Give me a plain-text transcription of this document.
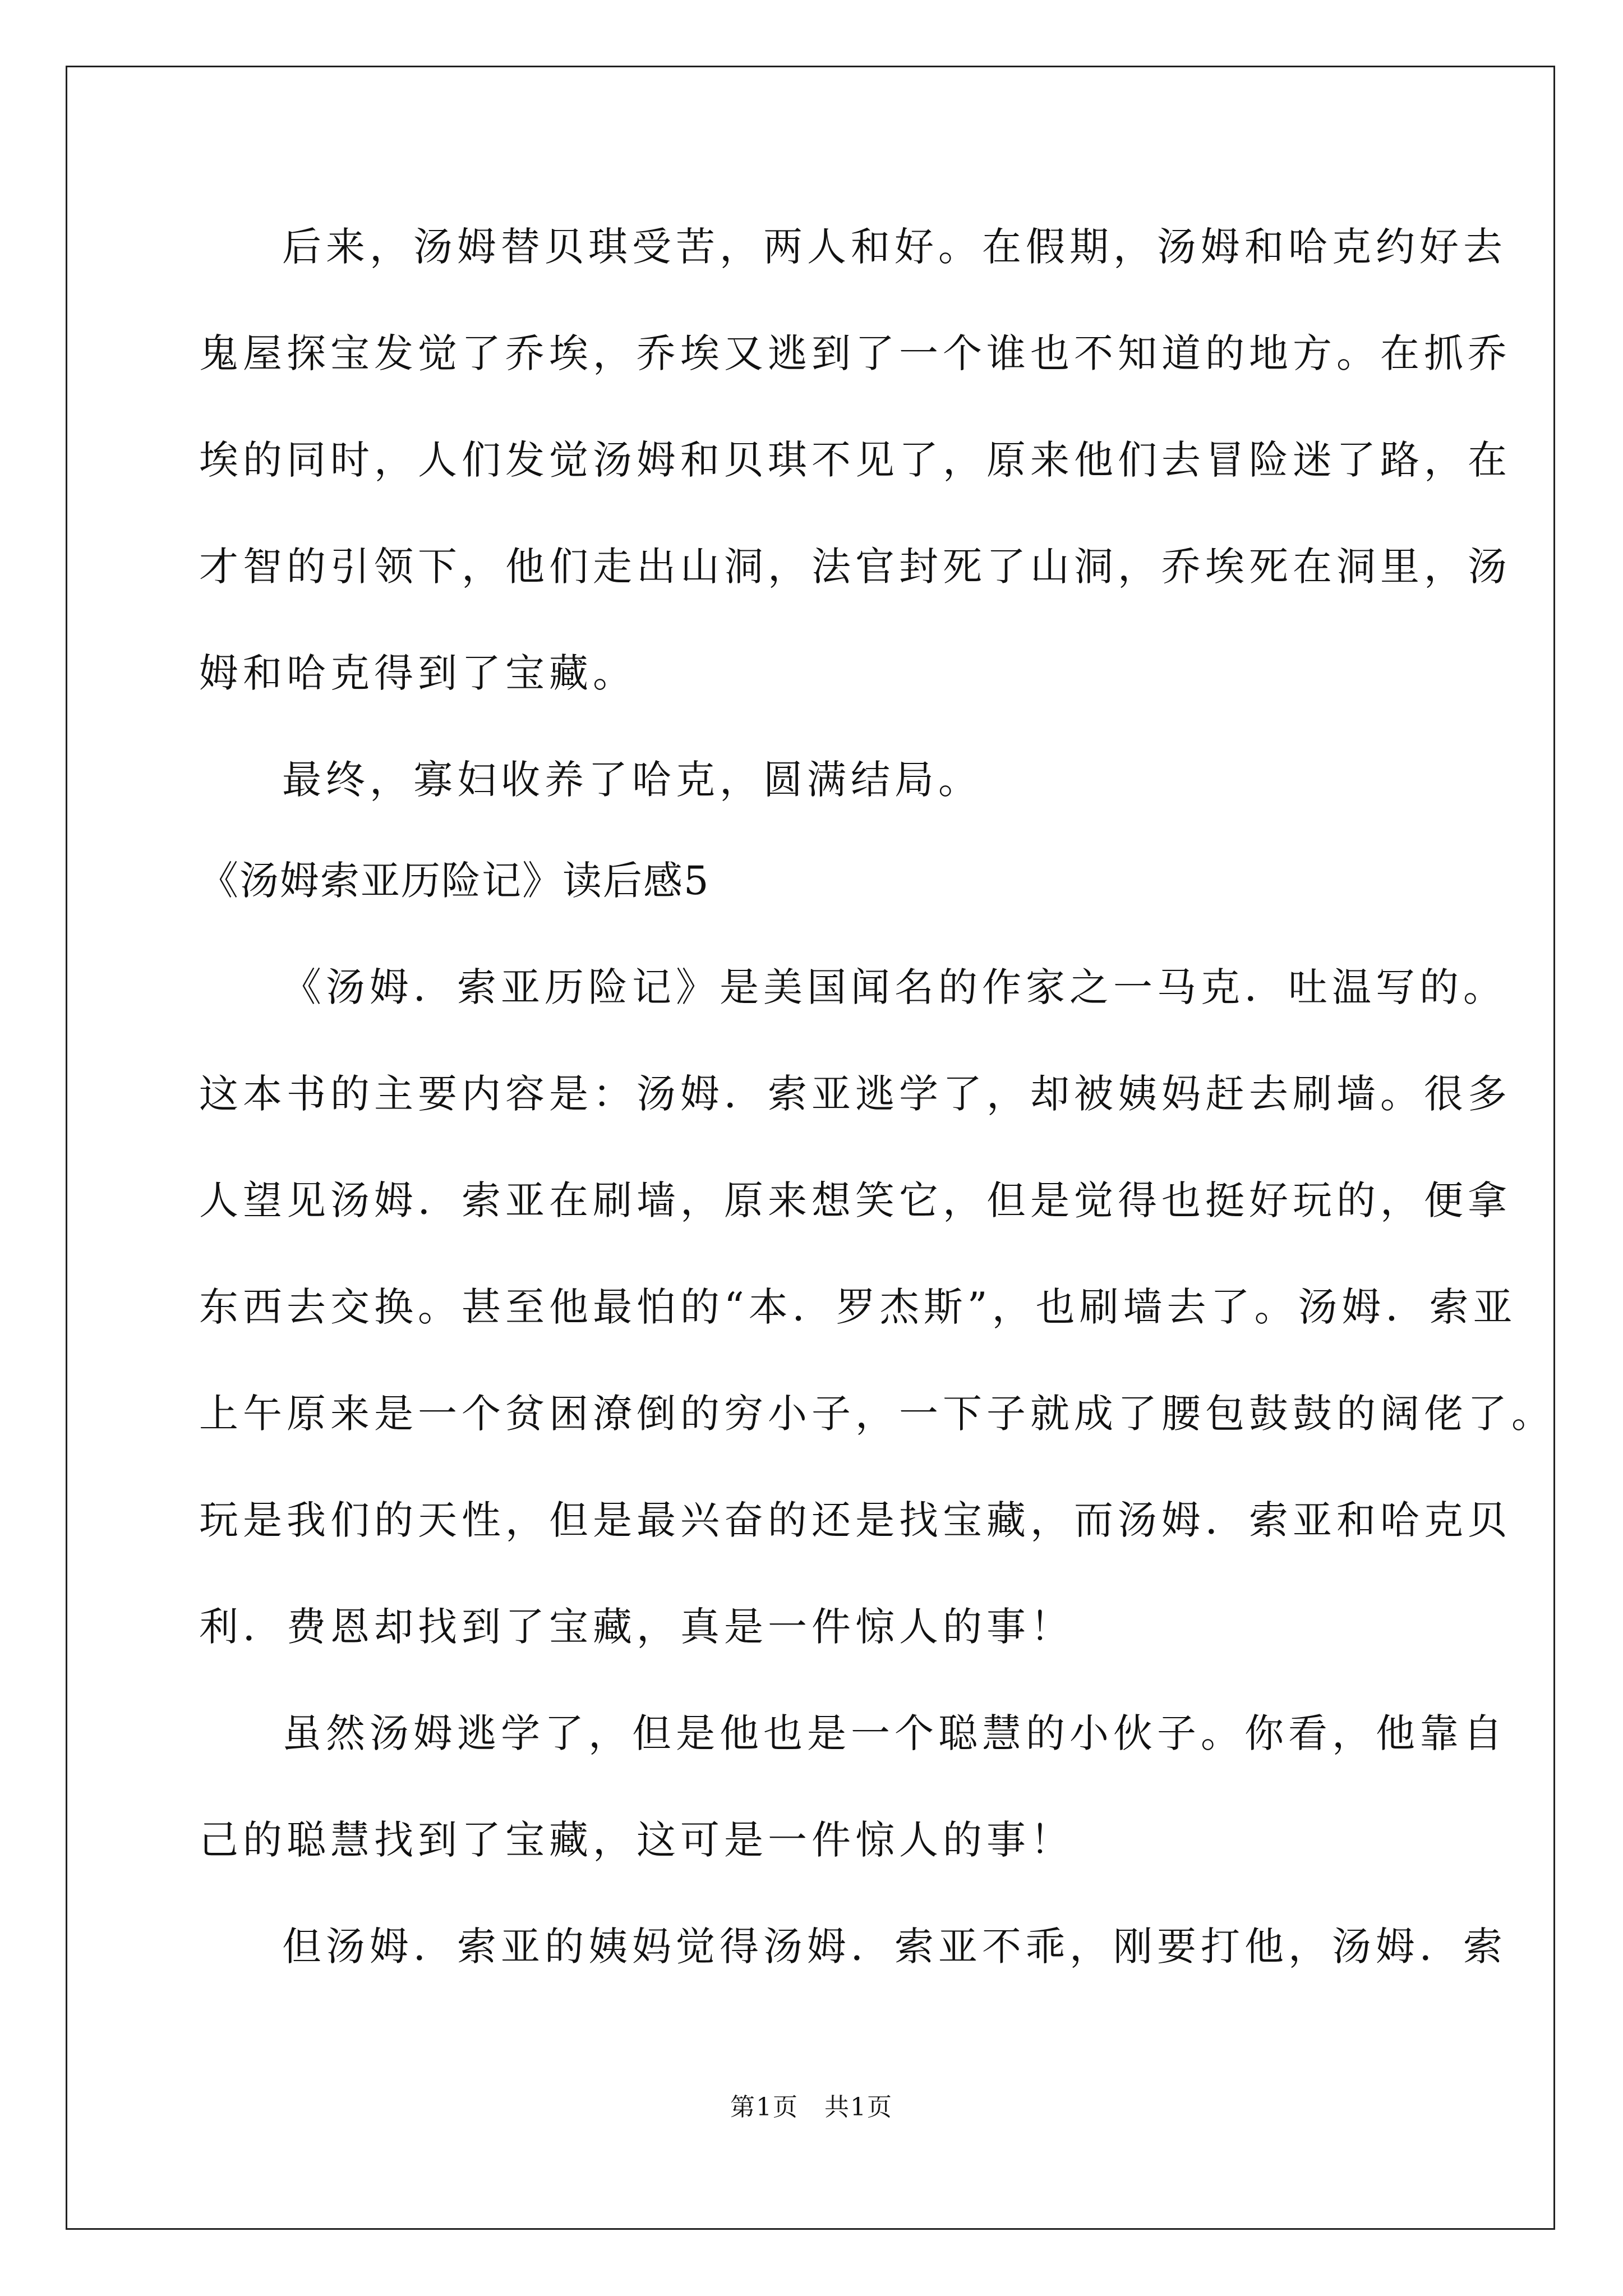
后来，汤姆替贝琪受苦，两人和好。在假期，汤姆和哈克约好去
鬼屋探宝发觉了乔埃，乔埃又逃到了一个谁也不知道的地方。在抓乔
埃的同时，人们发觉汤姆和贝琪不见了，原来他们去冒险迷了路，在
才智的引领下，他们走出山洞，法官封死了山洞，乔埃死在洞里，汤
姆和哈克得到了宝藏。
最终，寡妇收养了哈克，圆满结局。
《汤姆索亚历险记》读后感5
《汤姆．索亚历险记》是美国闻名的作家之一马克．吐温写的。
这本书的主要内容是：汤姆．索亚逃学了，却被姨妈赶去刷墙。很多
人望见汤姆．索亚在刷墙，原来想笑它，但是觉得也挺好玩的，便拿
东西去交换。甚至他最怕的“本．罗杰斯”，也刷墙去了。汤姆．索亚
上午原来是一个贫困潦倒的穷小子，一下子就成了腰包鼓鼓的阔佬了。
玩是我们的天性，但是最兴奋的还是找宝藏，而汤姆．索亚和哈克贝
利．费恩却找到了宝藏，真是一件惊人的事！
虽然汤姆逃学了，但是他也是一个聪慧的小伙子。你看，他靠自
己的聪慧找到了宝藏，这可是一件惊人的事！
但汤姆．索亚的姨妈觉得汤姆．索亚不乖，刚要打他，汤姆．索
第1页　共1页
